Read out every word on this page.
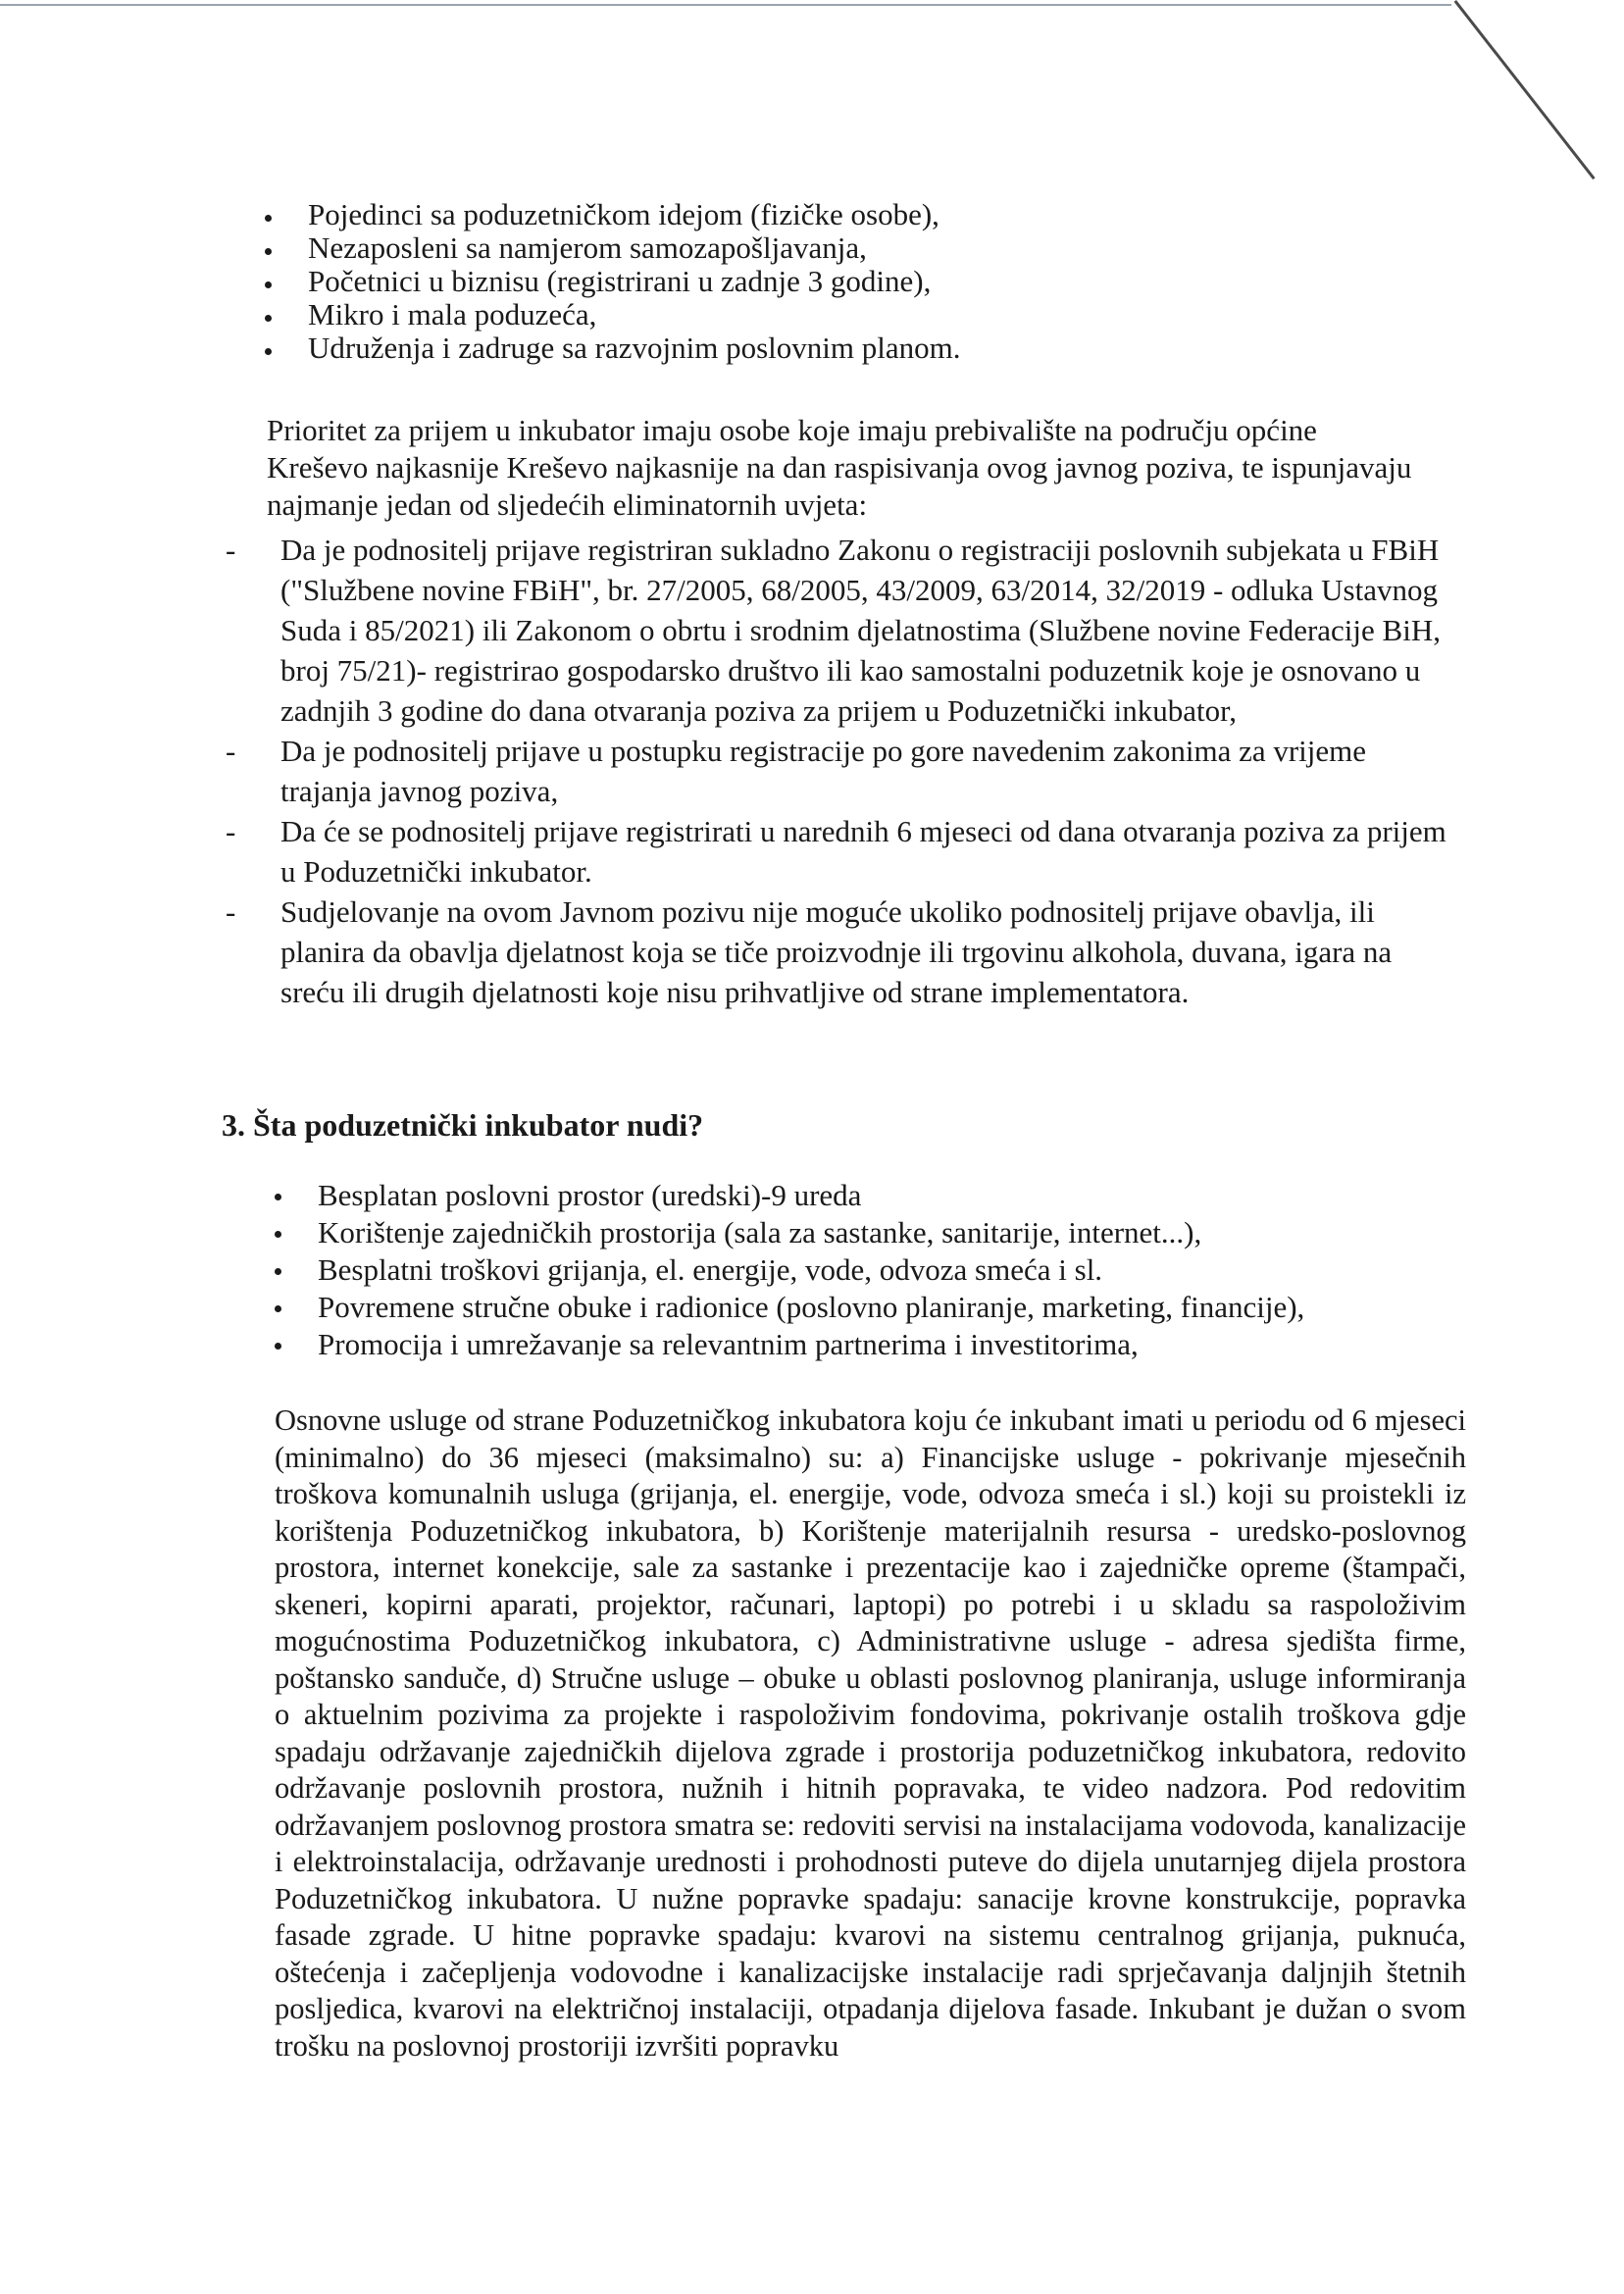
Pojedinci sa poduzetničkom idejom (fizičke osobe),
Nezaposleni sa namjerom samozapošljavanja,
Početnici u biznisu (registrirani u zadnje 3 godine),
Mikro i mala poduzeća,
Udruženja i zadruge sa razvojnim poslovnim planom.
Prioritet za prijem u inkubator imaju osobe koje imaju prebivalište na području općine Kreševo najkasnije Kreševo najkasnije na dan raspisivanja ovog javnog poziva, te ispunjavaju najmanje jedan od sljedećih eliminatornih uvjeta:
- Da je podnositelj prijave registriran sukladno Zakonu o registraciji poslovnih subjekata u FBiH ("Službene novine FBiH", br. 27/2005, 68/2005, 43/2009, 63/2014, 32/2019 - odluka Ustavnog Suda i 85/2021) ili Zakonom o obrtu i srodnim djelatnostima (Službene novine Federacije BiH, broj 75/21)- registrirao gospodarsko društvo ili kao samostalni poduzetnik koje je osnovano u zadnjih 3 godine do dana otvaranja poziva za prijem u Poduzetnički inkubator,
- Da je podnositelj prijave u postupku registracije po gore navedenim zakonima za vrijeme trajanja javnog poziva,
- Da će se podnositelj prijave registrirati u narednih 6 mjeseci od dana otvaranja poziva za prijem u Poduzetnički inkubator.
- Sudjelovanje na ovom Javnom pozivu nije moguće ukoliko podnositelj prijave obavlja, ili planira da obavlja djelatnost koja se tiče proizvodnje ili trgovinu alkohola, duvana, igara na sreću ili drugih djelatnosti koje nisu prihvatljive od strane implementatora.
3. Šta poduzetnički inkubator nudi?
Besplatan poslovni prostor (uredski)-9 ureda
Korištenje zajedničkih prostorija (sala za sastanke, sanitarije, internet...),
Besplatni troškovi grijanja, el. energije, vode, odvoza smeća i sl.
Povremene stručne obuke i radionice (poslovno planiranje, marketing, financije),
Promocija i umrežavanje sa relevantnim partnerima i investitorima,
Osnovne usluge od strane Poduzetničkog inkubatora koju će inkubant imati u periodu od 6 mjeseci (minimalno) do 36 mjeseci (maksimalno) su: a) Financijske usluge - pokrivanje mjesečnih troškova komunalnih usluga (grijanja, el. energije, vode, odvoza smeća i sl.) koji su proistekli iz korištenja Poduzetničkog inkubatora, b) Korištenje materijalnih resursa - uredsko-poslovnog prostora, internet konekcije, sale za sastanke i prezentacije kao i zajedničke opreme (štampači, skeneri, kopirni aparati, projektor, računari, laptopi) po potrebi i u skladu sa raspoloživim mogućnostima Poduzetničkog inkubatora, c) Administrativne usluge - adresa sjedišta firme, poštansko sandučе, d) Stručne usluge – obuke u oblasti poslovnog planiranja, usluge informiranja o aktuelnim pozivima za projekte i raspoloživim fondovima, pokrivanje ostalih troškova gdje spadaju održavanje zajedničkih dijelova zgrade i prostorija poduzetničkog inkubatora, redovito održavanje poslovnih prostora, nužnih i hitnih popravaka, te video nadzora. Pod redovitim održavanjem poslovnog prostora smatra se: redoviti servisi na instalacijama vodovoda, kanalizacije i elektroinstalacija, održavanje urednosti i prohodnosti puteve do dijela unutarnjeg dijela prostora Poduzetničkog inkubatora. U nužne popravke spadaju: sanacije krovne konstrukcije, popravka fasade zgrade. U hitne popravke spadaju: kvarovi na sistemu centralnog grijanja, puknuća, oštećenja i začepljenja vodovodne i kanalizacijske instalacije radi sprječavanja daljnjih štetnih posljedica, kvarovi na električnoj instalaciji, otpadanja dijelova fasade. Inkubant je dužan o svom trošku na poslovnoj prostoriji izvršiti popravku
